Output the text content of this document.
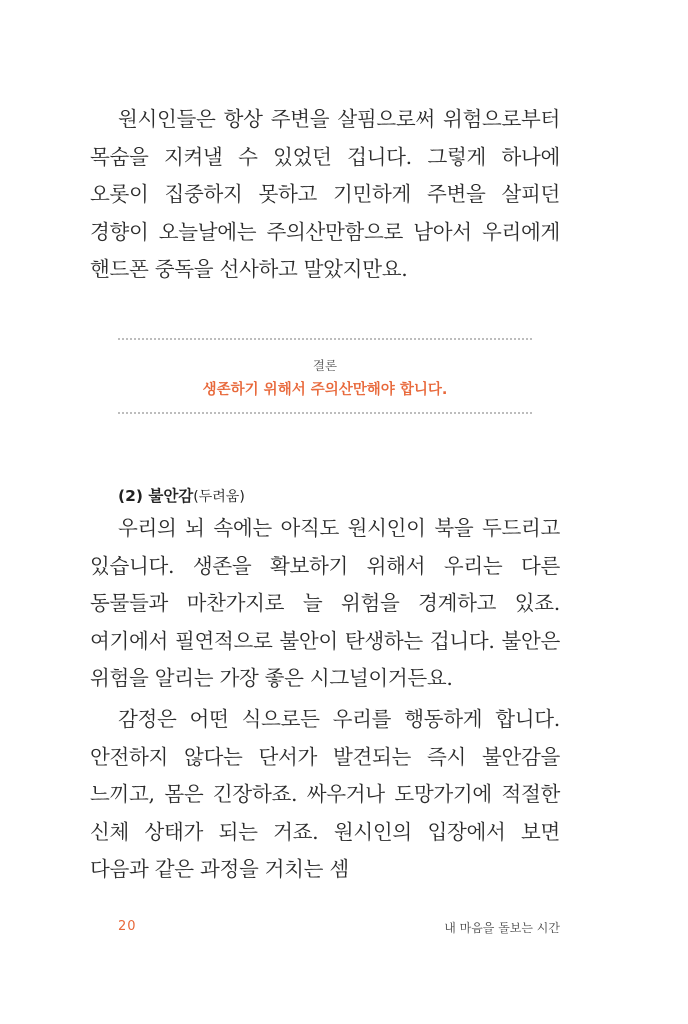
원시인들은 항상 주변을 살핌으로써 위험으로부터 목숨을 지켜낼 수 있었던 겁니다. 그렇게 하나에 오롯이 집중하지 못하고 기민하게 주변을 살피던 경향이 오늘날에는 주의산만함으로 남아서 우리에게 핸드폰 중독을 선사하고 말았지만요.

결론
생존하기 위해서 주의산만해야 합니다.
(2) 불안감(두려움)

우리의 뇌 속에는 아직도 원시인이 북을 두드리고 있습니다. 생존을 확보하기 위해서 우리는 다른 동물들과 마찬가지로 늘 위험을 경계하고 있죠. 여기에서 필연적으로 불안이 탄생하는 겁니다. 불안은 위험을 알리는 가장 좋은 시그널이거든요.

감정은 어떤 식으로든 우리를 행동하게 합니다. 안전하지 않다는 단서가 발견되는 즉시 불안감을 느끼고, 몸은 긴장하죠. 싸우거나 도망가기에 적절한 신체 상태가 되는 거죠. 원시인의 입장에서 보면 다음과 같은 과정을 거치는 셈

20	내 마음을 돌보는 시간
